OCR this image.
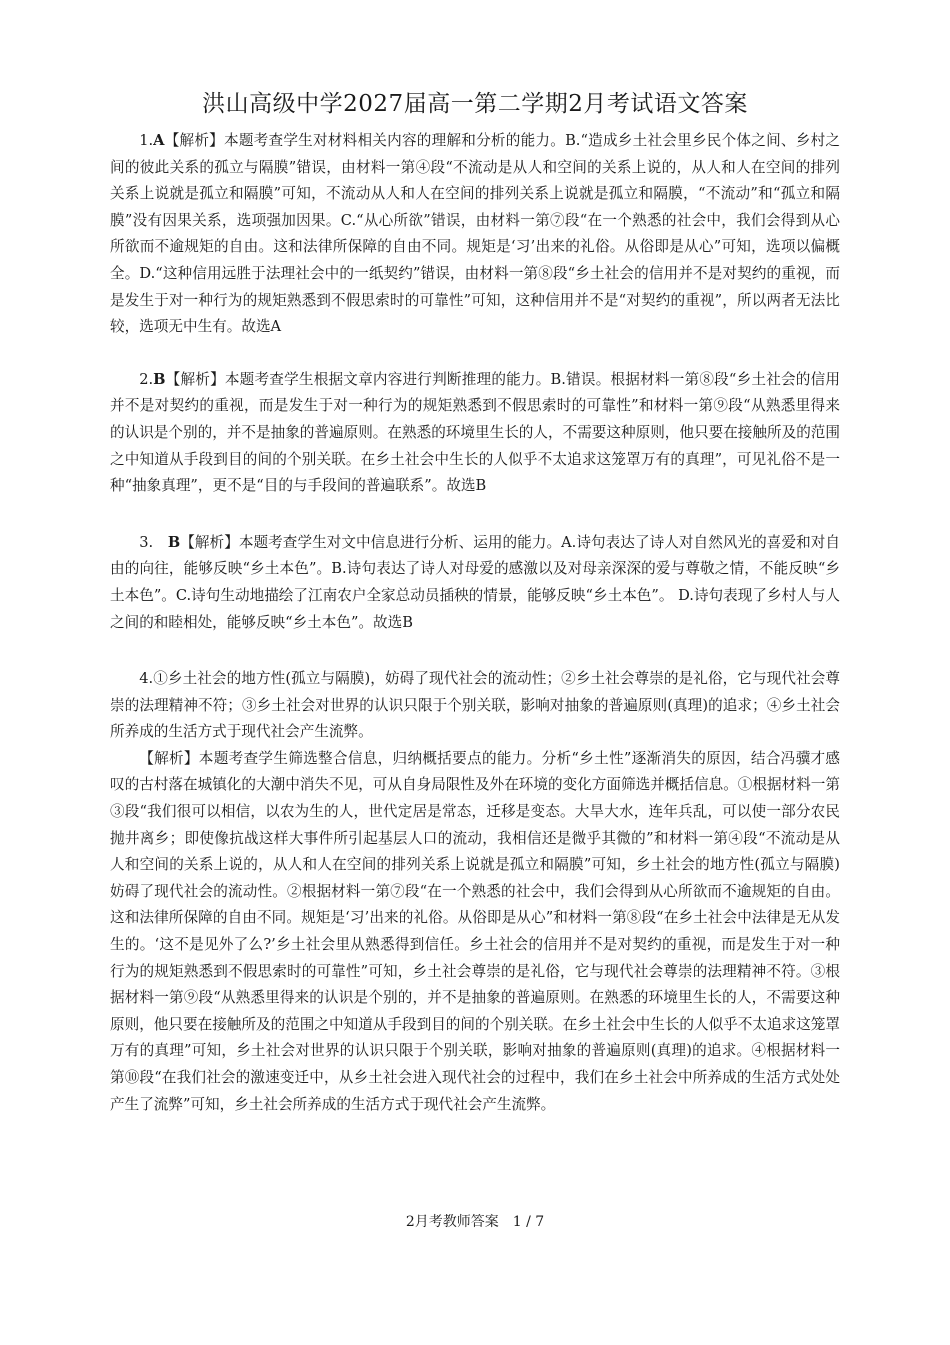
洪山高级中学2027届高一第二学期2月考试语文答案

1.A【解析】本题考查学生对材料相关内容的理解和分析的能力。B.“造成乡土社会里乡民个体之间、乡村之间的彼此关系的孤立与隔膜”错误，由材料一第④段“不流动是从人和空间的关系上说的，从人和人在空间的排列关系上说就是孤立和隔膜”可知，不流动从人和人在空间的排列关系上说就是孤立和隔膜，“不流动”和“孤立和隔膜”没有因果关系，选项强加因果。C.“从心所欲”错误，由材料一第⑦段“在一个熟悉的社会中，我们会得到从心所欲而不逾规矩的自由。这和法律所保障的自由不同。规矩是‘习’出来的礼俗。从俗即是从心”可知，选项以偏概全。D.“这种信用远胜于法理社会中的一纸契约”错误，由材料一第⑧段“乡土社会的信用并不是对契约的重视，而是发生于对一种行为的规矩熟悉到不假思索时的可靠性”可知，这种信用并不是“对契约的重视”，所以两者无法比较，选项无中生有。故选A

2.B【解析】本题考查学生根据文章内容进行判断推理的能力。B.错误。根据材料一第⑧段“乡土社会的信用并不是对契约的重视，而是发生于对一种行为的规矩熟悉到不假思索时的可靠性”和材料一第⑨段“从熟悉里得来的认识是个别的，并不是抽象的普遍原则。在熟悉的环境里生长的人，不需要这种原则，他只要在接触所及的范围之中知道从手段到目的间的个别关联。在乡土社会中生长的人似乎不太追求这笼罩万有的真理”，可见礼俗不是一种“抽象真理”，更不是“目的与手段间的普遍联系”。故选B

3.　 B【解析】本题考查学生对文中信息进行分析、运用的能力。A.诗句表达了诗人对自然风光的喜爱和对自由的向往，能够反映“乡土本色”。B.诗句表达了诗人对母爱的感激以及对母亲深深的爱与尊敬之情，不能反映“乡土本色”。C.诗句生动地描绘了江南农户全家总动员插秧的情景，能够反映“乡土本色”。 D.诗句表现了乡村人与人之间的和睦相处，能够反映“乡土本色”。故选B

4.①乡土社会的地方性(孤立与隔膜)，妨碍了现代社会的流动性；②乡土社会尊崇的是礼俗，它与现代社会尊崇的法理精神不符；③乡土社会对世界的认识只限于个别关联，影响对抽象的普遍原则(真理)的追求；④乡土社会所养成的生活方式于现代社会产生流弊。

【解析】本题考查学生筛选整合信息，归纳概括要点的能力。分析“乡土性”逐渐消失的原因，结合冯骥才感叹的古村落在城镇化的大潮中消失不见，可从自身局限性及外在环境的变化方面筛选并概括信息。①根据材料一第③段“我们很可以相信，以农为生的人，世代定居是常态，迁移是变态。大旱大水，连年兵乱，可以使一部分农民抛井离乡；即使像抗战这样大事件所引起基层人口的流动，我相信还是微乎其微的”和材料一第④段“不流动是从人和空间的关系上说的，从人和人在空间的排列关系上说就是孤立和隔膜”可知，乡土社会的地方性(孤立与隔膜)妨碍了现代社会的流动性。②根据材料一第⑦段“在一个熟悉的社会中，我们会得到从心所欲而不逾规矩的自由。这和法律所保障的自由不同。规矩是‘习’出来的礼俗。从俗即是从心”和材料一第⑧段“在乡土社会中法律是无从发生的。‘这不是见外了么?’乡土社会里从熟悉得到信任。乡土社会的信用并不是对契约的重视，而是发生于对一种行为的规矩熟悉到不假思索时的可靠性”可知，乡土社会尊崇的是礼俗，它与现代社会尊崇的法理精神不符。③根据材料一第⑨段“从熟悉里得来的认识是个别的，并不是抽象的普遍原则。在熟悉的环境里生长的人，不需要这种原则，他只要在接触所及的范围之中知道从手段到目的间的个别关联。在乡土社会中生长的人似乎不太追求这笼罩万有的真理”可知，乡土社会对世界的认识只限于个别关联，影响对抽象的普遍原则(真理)的追求。④根据材料一第⑩段“在我们社会的激速变迁中，从乡土社会进入现代社会的过程中，我们在乡土社会中所养成的生活方式处处产生了流弊”可知，乡土社会所养成的生活方式于现代社会产生流弊。

2月考教师答案　1 / 7
